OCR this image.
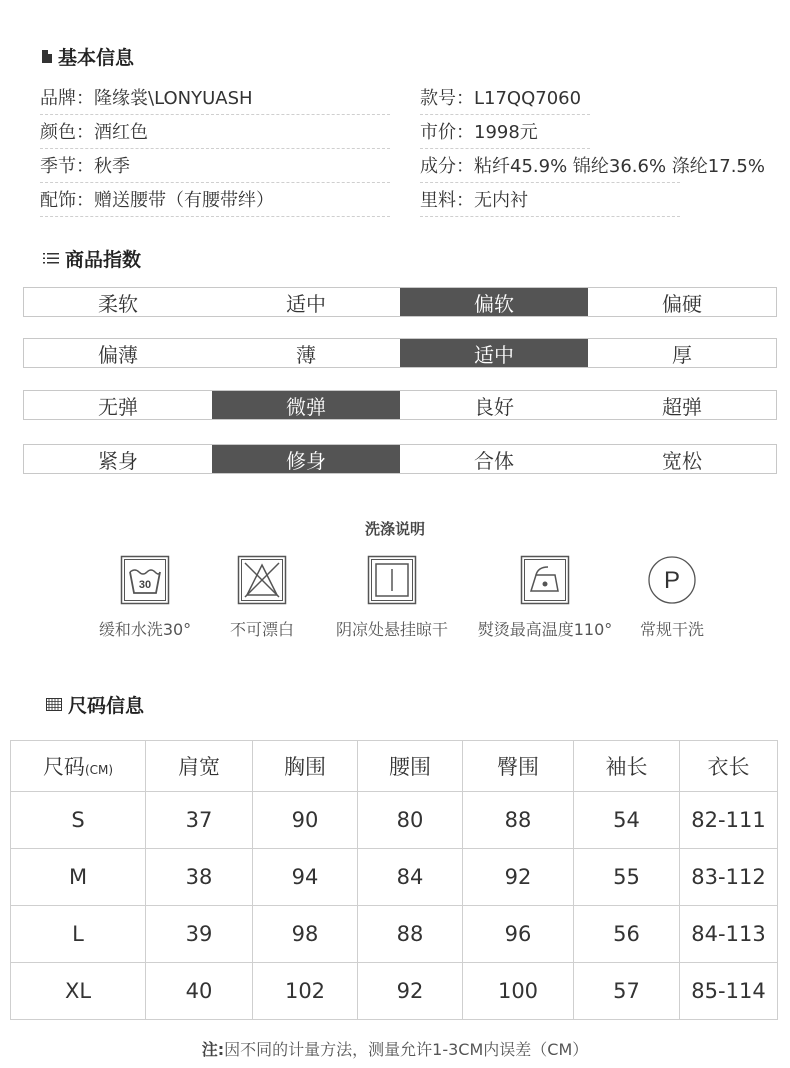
基本信息
品牌：隆缘裳\LONYUASH	款号：L17QQ7060
颜色：酒红色	市价：1998元
季节：秋季	成分：粘纤45.9% 锦纶36.6% 涤纶17.5%
配饰：赠送腰带（有腰带绊）	里料：无内衬
商品指数
柔软	适中	偏软	偏硬
偏薄	薄	适中	厚
无弹	微弹	良好	超弹
紧身	修身	合体	宽松
洗涤说明
30
缓和水洗30°	不可漂白	阴凉处悬挂晾干	熨烫最高温度110°
P
常规干洗
尺码信息
尺码(CM)	肩宽	胸围	腰围	臀围	袖长	衣长
S	37	90	80	88	54	82-111
M	38	94	84	92	55	83-112
L	39	98	88	96	56	84-113
XL	40	102	92	100	57	85-114
注:因不同的计量方法，测量允许1-3CM内误差（CM）
